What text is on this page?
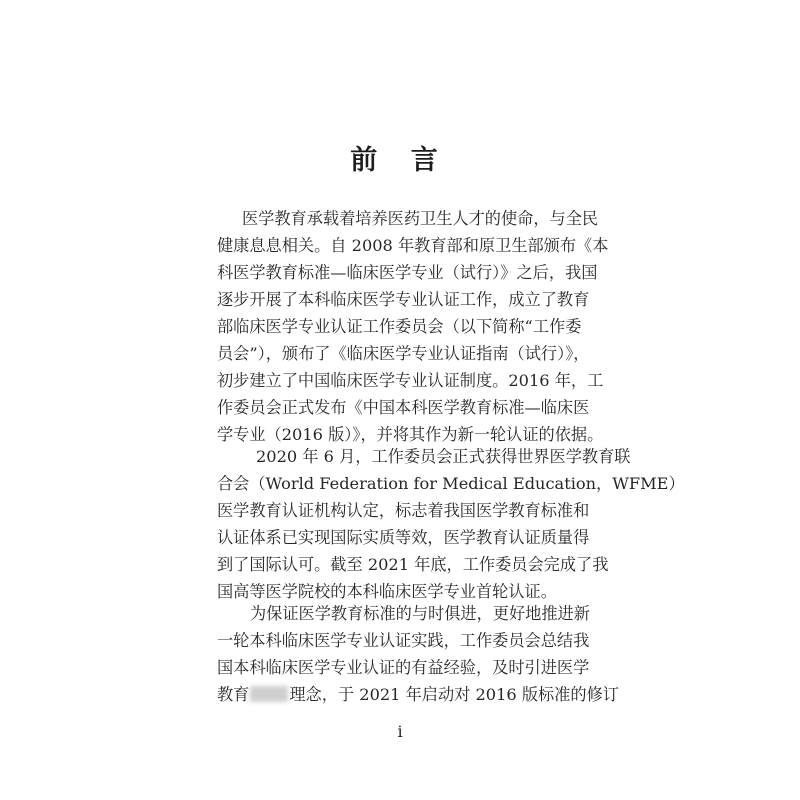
前 言
医学教育承载着培养医药卫生人才的使命，与全民
健康息息相关。自 2008 年教育部和原卫生部颁布《本
科医学教育标准—临床医学专业（试行）》之后，我国
逐步开展了本科临床医学专业认证工作，成立了教育
部临床医学专业认证工作委员会（以下简称“工作委
员会”），颁布了《临床医学专业认证指南（试行）》，
初步建立了中国临床医学专业认证制度。2016 年，工
作委员会正式发布《中国本科医学教育标准—临床医
学专业（2016 版）》，并将其作为新一轮认证的依据。
2020 年 6 月，工作委员会正式获得世界医学教育联
合会（World Federation for Medical Education，WFME）
医学教育认证机构认定，标志着我国医学教育标准和
认证体系已实现国际实质等效，医学教育认证质量得
到了国际认可。截至 2021 年底，工作委员会完成了我
国高等医学院校的本科临床医学专业首轮认证。
为保证医学教育标准的与时俱进，更好地推进新
一轮本科临床医学专业认证实践，工作委员会总结我
国本科临床医学专业认证的有益经验，及时引进医学
教育 理念，于 2021 年启动对 2016 版标准的修订
i
